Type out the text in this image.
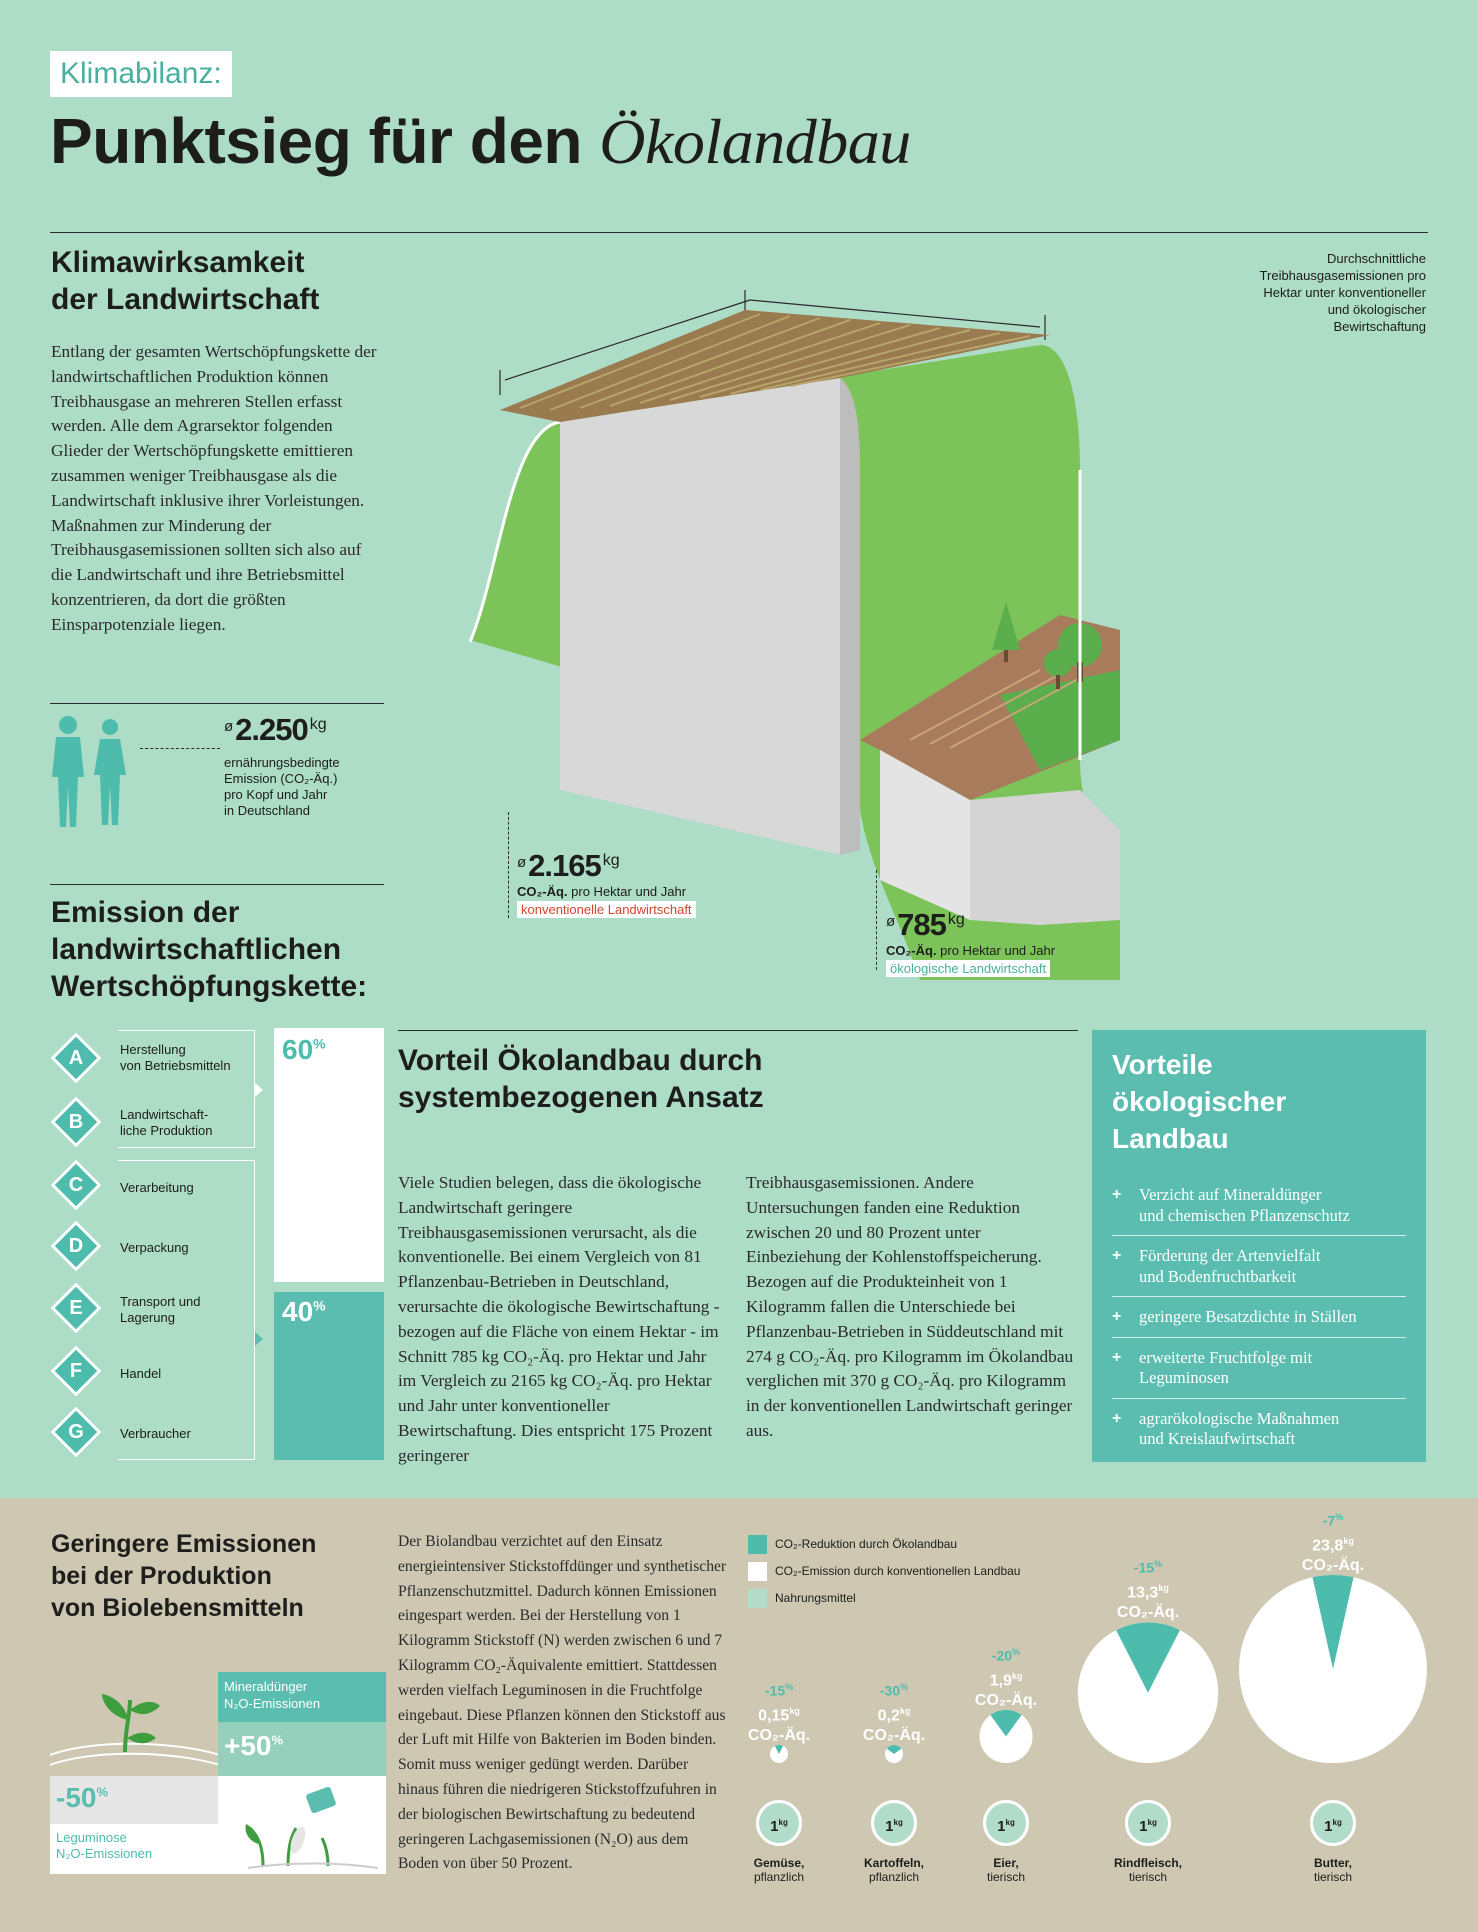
Klimabilanz:
Punktsieg für den Ökolandbau
Klimawirksamkeit
der Landwirtschaft
Entlang der gesamten Wertschöpfungskette der landwirtschaftlichen Produktion können Treibhausgase an mehreren Stellen erfasst werden. Alle dem Agrarsektor folgenden Glieder der Wertschöpfungskette emittieren zusammen weniger Treibhausgase als die Landwirtschaft inklusive ihrer Vorleistungen. Maßnahmen zur Minderung der Treibhausgasemissionen sollten sich also auf die Landwirtschaft und ihre Betriebsmittel konzentrieren, da dort die größten Einsparpotenziale liegen.
Durchschnittliche Treibhausgasemissionen pro Hektar unter konventioneller und ökologischer Bewirtschaftung
$^ø$2.250 $^{kg}$
ernährungsbedingte
Emission (CO₂-Äq.)
pro Kopf und Jahr
in Deutschland
$^ø$2.165 $^{kg}$
CO₂-Äq. pro Hektar und Jahr
konventionelle Landwirtschaft
$^ø$785 $^{kg}$
CO₂-Äq. pro Hektar und Jahr
ökologische Landwirtschaft
Emission der
landwirtschaftlichen
Wertschöpfungskette:
A	Herstellung
von Betriebsmitteln
B	Landwirtschaft-
liche Produktion
C	Verarbeitung
D	Verpackung
E	Transport und
Lagerung
F	Handel
G	Verbraucher
60%
40%
Vorteil Ökolandbau durch
systembezogenen Ansatz
Viele Studien belegen, dass die ökologische Landwirtschaft geringere Treibhausgasemissionen verursacht, als die konventionelle. Bei einem Vergleich von 81 Pflanzenbau-Betrieben in Deutschland, verursachte die ökologische Bewirtschaftung - bezogen auf die Fläche von einem Hektar - im Schnitt 785 kg CO₂-Äq. pro Hektar und Jahr im Vergleich zu 2165 kg CO₂-Äq. pro Hektar und Jahr unter konventioneller Bewirtschaftung. Dies entspricht 175 Prozent geringerer
Treibhausgasemissionen. Andere Untersuchungen fanden eine Reduktion zwischen 20 und 80 Prozent unter Einbeziehung der Kohlenstoffspeicherung. Bezogen auf die Produkteinheit von 1 Kilogramm fallen die Unterschiede bei Pflanzenbau-Betrieben in Süddeutschland mit 274 g CO₂-Äq. pro Kilogramm im Ökolandbau verglichen mit 370 g CO₂-Äq. pro Kilogramm in der konventionellen Landwirtschaft geringer aus.
Vorteile
ökologischer
Landbau
+ Verzicht auf Mineraldünger
und chemischen Pflanzenschutz
+ Förderung der Artenvielfalt
und Bodenfruchtbarkeit
+ geringere Besatzdichte in Ställen
+ erweiterte Fruchtfolge mit
Leguminosen
+ agrarökologische Maßnahmen
und Kreislaufwirtschaft
Geringere Emissionen
bei der Produktion
von Biolebensmitteln
Der Biolandbau verzichtet auf den Einsatz energieintensiver Stickstoffdünger und synthetischer Pflanzenschutzmittel. Dadurch können Emissionen eingespart werden. Bei der Herstellung von 1 Kilogramm Stickstoff (N) werden zwischen 6 und 7 Kilogramm CO₂-Äquivalente emittiert. Stattdessen werden vielfach Leguminosen in die Fruchtfolge eingebaut. Diese Pflanzen können den Stickstoff aus der Luft mit Hilfe von Bakterien im Boden binden. Somit muss weniger gedüngt werden. Darüber hinaus führen die niedrigeren Stickstoffzufuhren in der biologischen Bewirtschaftung zu bedeutend geringeren Lachgasemissionen (N₂O) aus dem Boden von über 50 Prozent.
Mineraldünger
N₂O-Emissionen
+50%
-50%
Leguminose
N₂O-Emissionen
CO₂-Reduktion durch Ökolandbau
CO₂-Emission durch konventionellen Landbau
Nahrungsmittel
-15%
$0,15^{kg}$
CO₂-Äq.
$1^{kg}$
Gemüse,
pflanzlich
-30%
$0,2^{kg}$
CO₂-Äq.
$1^{kg}$
Kartoffeln,
pflanzlich
-20%
$1,9^{kg}$
CO₂-Äq.
$1^{kg}$
Eier,
tierisch
-15%
$13,3^{kg}$
CO₂-Äq.
$1^{kg}$
Rindfleisch,
tierisch
-7%
$23,8^{kg}$
CO₂-Äq.
$1^{kg}$
Butter,
tierisch
